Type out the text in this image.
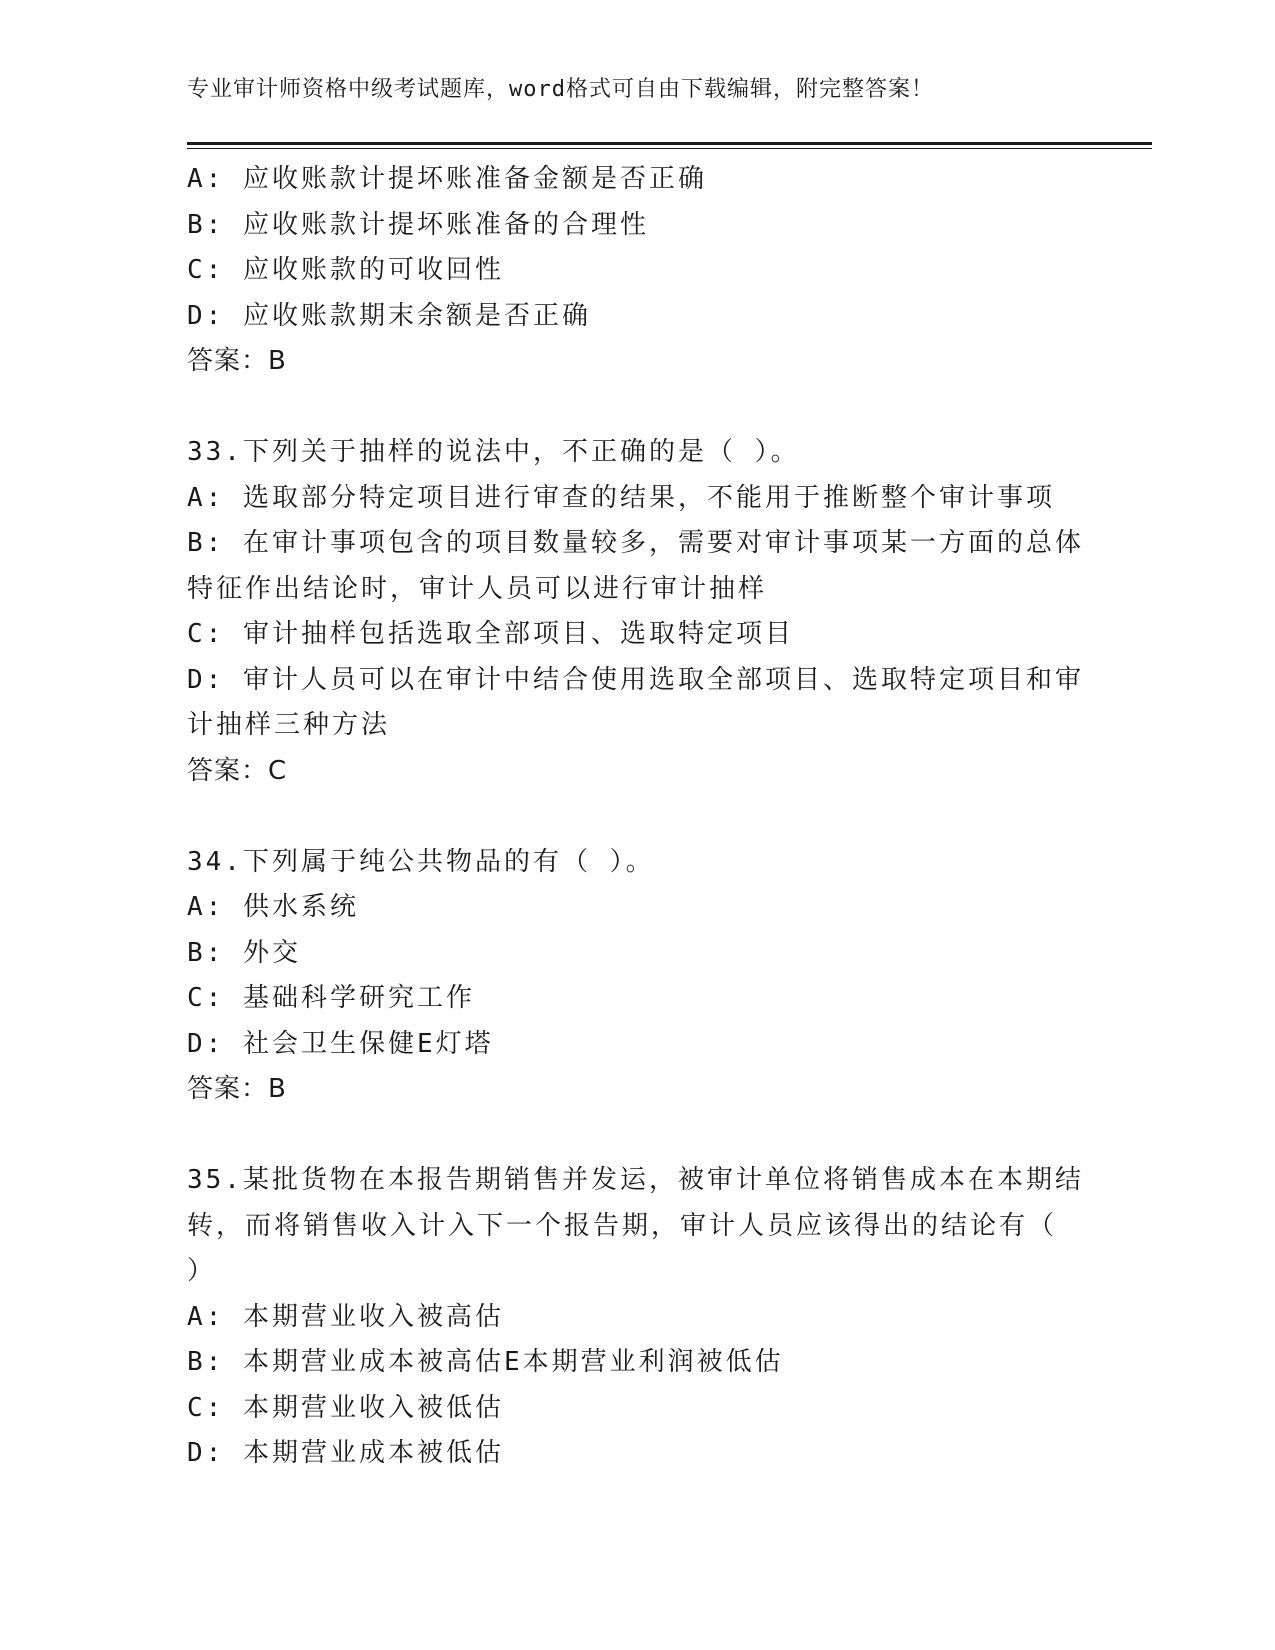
专业审计师资格中级考试题库，word格式可自由下载编辑，附完整答案！
A: 应收账款计提坏账准备金额是否正确
B: 应收账款计提坏账准备的合理性
C: 应收账款的可收回性
D: 应收账款期末余额是否正确
答案：B
33.下列关于抽样的说法中，不正确的是（ ）。
A: 选取部分特定项目进行审查的结果，不能用于推断整个审计事项
B: 在审计事项包含的项目数量较多，需要对审计事项某一方面的总体
特征作出结论时，审计人员可以进行审计抽样
C: 审计抽样包括选取全部项目、选取特定项目
D: 审计人员可以在审计中结合使用选取全部项目、选取特定项目和审
计抽样三种方法
答案：C
34.下列属于纯公共物品的有（ ）。
A: 供水系统
B: 外交
C: 基础科学研究工作
D: 社会卫生保健E灯塔
答案：B
35.某批货物在本报告期销售并发运，被审计单位将销售成本在本期结
转，而将销售收入计入下一个报告期，审计人员应该得出的结论有（
）
A: 本期营业收入被高估
B: 本期营业成本被高估E本期营业利润被低估
C: 本期营业收入被低估
D: 本期营业成本被低估
